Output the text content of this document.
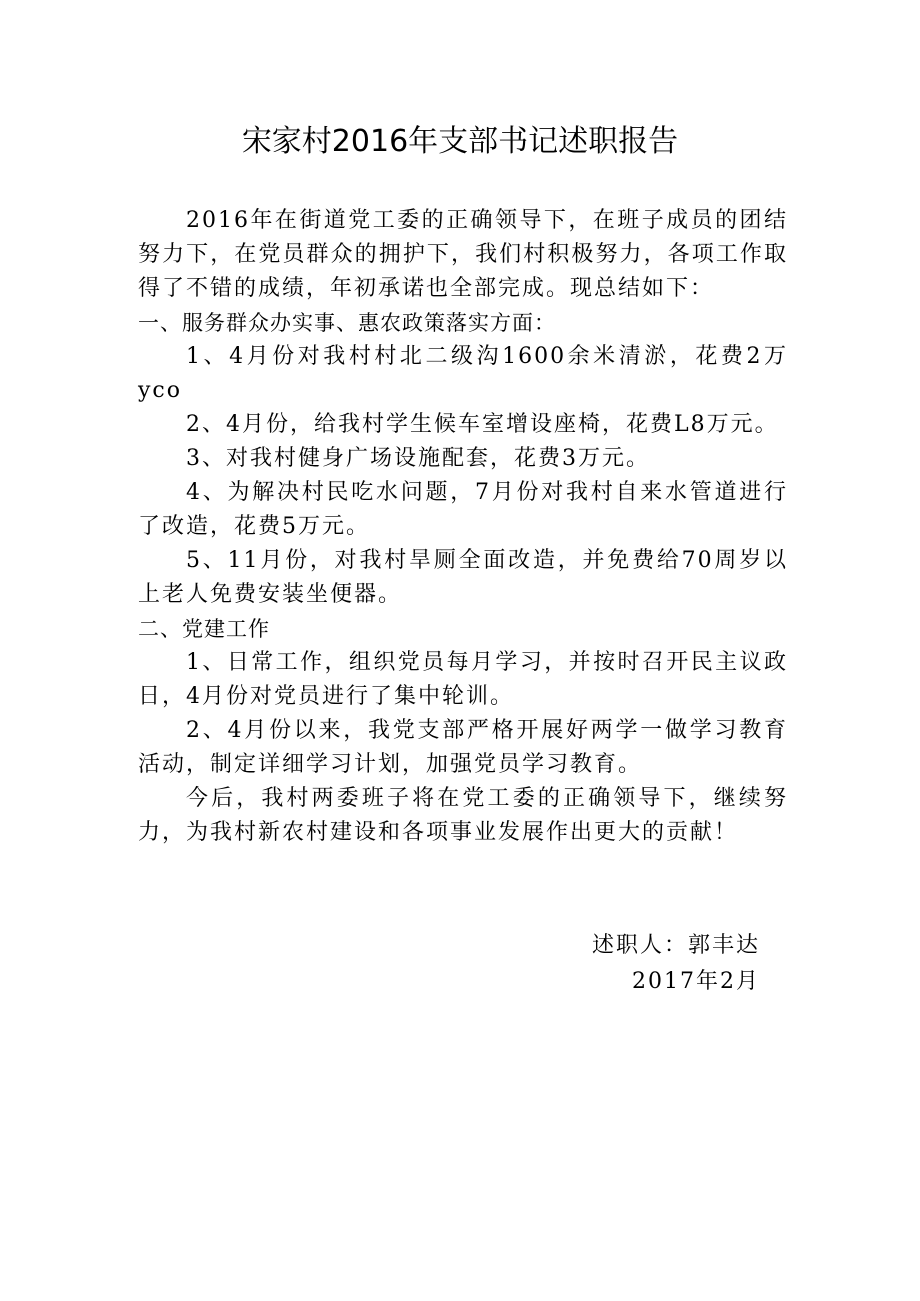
宋家村2016年支部书记述职报告

2016年在街道党工委的正确领导下，在班子成员的团结努力下，在党员群众的拥护下，我们村积极努力，各项工作取得了不错的成绩，年初承诺也全部完成。现总结如下：

一、服务群众办实事、惠农政策落实方面：

1、4月份对我村村北二级沟1600余米清淤，花费2万yco

2、4月份，给我村学生候车室增设座椅，花费L8万元。

3、对我村健身广场设施配套，花费3万元。

4、为解决村民吃水问题，7月份对我村自来水管道进行了改造，花费5万元。

5、11月份，对我村旱厕全面改造，并免费给70周岁以上老人免费安装坐便器。

二、党建工作

1、日常工作，组织党员每月学习，并按时召开民主议政日，4月份对党员进行了集中轮训。

2、4月份以来，我党支部严格开展好两学一做学习教育活动，制定详细学习计划，加强党员学习教育。

今后，我村两委班子将在党工委的正确领导下，继续努力，为我村新农村建设和各项事业发展作出更大的贡献！

述职人：郭丰达
2017年2月
